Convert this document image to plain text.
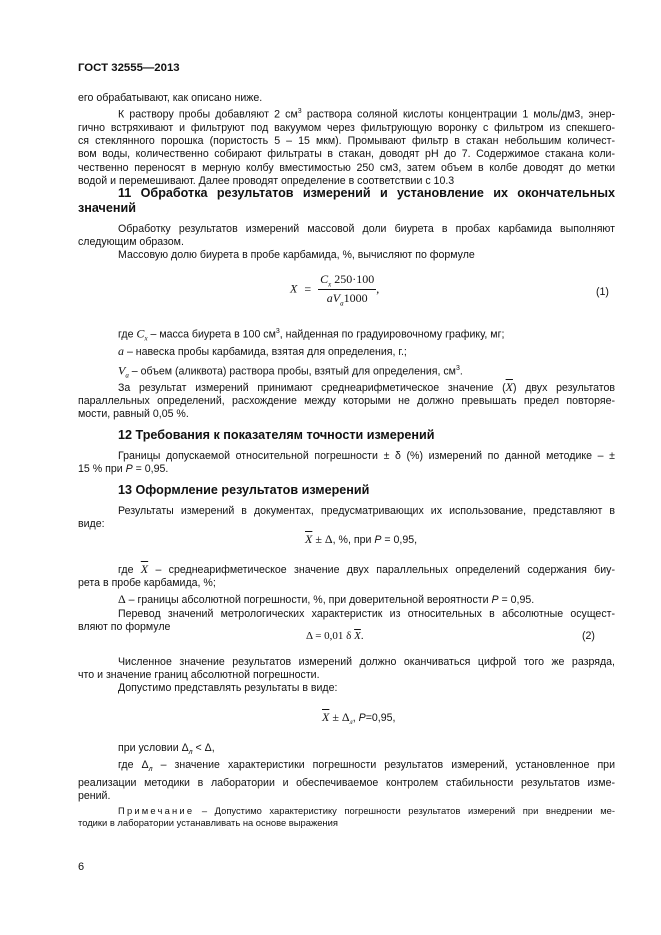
ГОСТ 32555—2013
его обрабатывают, как описано ниже.
К раствору пробы добавляют 2 $см^3$ раствора соляной кислоты концентрации 1 моль/дм3, энер-
гично встряхивают и фильтруют под вакуумом через фильтрующую воронку с фильтром из спекшего-
ся стеклянного порошка (пористость 5 – 15 мкм). Промывают фильтр в стакан небольшим количест-
вом воды, количественно собирают фильтраты в стакан, доводят pH до 7. Содержимое стакана коли-
чественно переносят в мерную колбу вместимостью 250 см3, затем объем в колбе доводят до метки
водой и перемешивают. Далее проводят определение в соответствии с 10.3
11 Обработка результатов измерений и установление их окончательных
значений
Обработку результатов измерений массовой доли биурета в пробах карбамида выполняют
следующим образом.
Массовую долю биурета в пробе карбамида, %, вычисляют по формуле
$X = \frac{C_x 250\cdot 100}{aV_a1000}$ ,	(1)
где $C_x$ – масса биурета в 100 $см^3$, найденная по градуировочному графику, мг;
a – навеска пробы карбамида, взятая для определения, г.;
$V_a$ – объем (аликвота) раствора пробы, взятый для определения, $см^3$.
За результат измерений принимают среднеарифметическое значение $(\overline{X})$ двух результатов
параллельных определений, расхождение между которыми не должно превышать предел повторяе-
мости, равный 0,05 %.
12 Требования к показателям точности измерений
Границы допускаемой относительной погрешности ± δ (%) измерений по данной методике – ±
15 % при P = 0,95.
13 Оформление результатов измерений
Результаты измерений в документах, предусматривающих их использование, представляют в
виде:
$\overline{X} \pm \Delta$, %, при P = 0,95,
где $\overline{X}$ – среднеарифметическое значение двух параллельных определений содержания биу-
рета в пробе карбамида, %;
Δ – границы абсолютной погрешности, %, при доверительной вероятности P = 0,95.
Перевод значений метрологических характеристик из относительных в абсолютные осущест-
вляют по формуле
Δ = 0,01 δ $\overline{X}$.	(2)
Численное значение результатов измерений должно оканчиваться цифрой того же разряда,
что и значение границ абсолютной погрешности.
Допустимо представлять результаты в виде:
$\overline{X} \pm \Delta_л$, P=0,95,
при условии $\Delta_л < \Delta$,
где $\Delta_л$ – значение характеристики погрешности результатов измерений, установленное при
реализации методики в лаборатории и обеспечиваемое контролем стабильности результатов изме-
рений.
Примечание – Допустимо характеристику погрешности результатов измерений при внедрении ме-
тодики в лаборатории устанавливать на основе выражения
6
